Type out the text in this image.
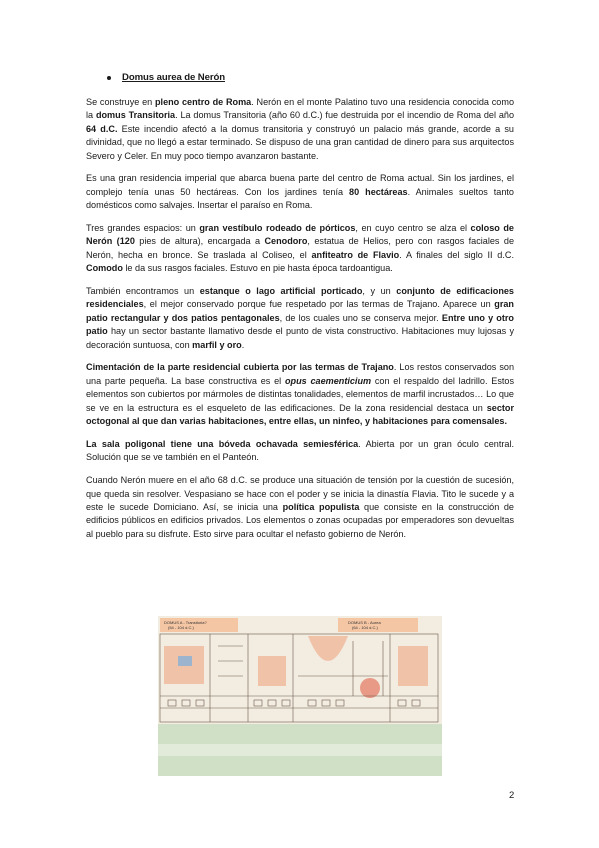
Domus aurea de Nerón

Se construye en pleno centro de Roma. Nerón en el monte Palatino tuvo una residencia conocida como la domus Transitoria. La domus Transitoria (año 60 d.C.) fue destruida por el incendio de Roma del año 64 d.C. Este incendio afectó a la domus transitoria y construyó un palacio más grande, acorde a su divinidad, que no llegó a estar terminado. Se dispuso de una gran cantidad de dinero para sus arquitectos Severo y Celer. En muy poco tiempo avanzaron bastante.

Es una gran residencia imperial que abarca buena parte del centro de Roma actual. Sin los jardines, el complejo tenía unas 50 hectáreas. Con los jardines tenía 80 hectáreas. Animales sueltos tanto domésticos como salvajes. Insertar el paraíso en Roma.

Tres grandes espacios: un gran vestíbulo rodeado de pórticos, en cuyo centro se alza el coloso de Nerón (120 pies de altura), encargada a Cenodoro, estatua de Helios, pero con rasgos faciales de Nerón, hecha en bronce. Se traslada al Coliseo, el anfiteatro de Flavio. A finales del siglo II d.C. Comodo le da sus rasgos faciales. Estuvo en pie hasta época tardoantigua.

También encontramos un estanque o lago artificial porticado, y un conjunto de edificaciones residenciales, el mejor conservado porque fue respetado por las termas de Trajano. Aparece un gran patio rectangular y dos patios pentagonales, de los cuales uno se conserva mejor. Entre uno y otro patio hay un sector bastante llamativo desde el punto de vista constructivo. Habitaciones muy lujosas y decoración suntuosa, con marfil y oro.

Cimentación de la parte residencial cubierta por las termas de Trajano. Los restos conservados son una parte pequeña. La base constructiva es el opus caementicium con el respaldo del ladrillo. Estos elementos son cubiertos por mármoles de distintas tonalidades, elementos de marfil incrustados… Lo que se ve en la estructura es el esqueleto de las edificaciones. De la zona residencial destaca un sector octogonal al que dan varias habitaciones, entre ellas, un ninfeo, y habitaciones para comensales.

La sala poligonal tiene una bóveda ochavada semiesférica. Abierta por un gran óculo central. Solución que se ve también en el Panteón.

Cuando Nerón muere en el año 68 d.C. se produce una situación de tensión por la cuestión de sucesión, que queda sin resolver. Vespasiano se hace con el poder y se inicia la dinastía Flavia. Tito le sucede y a este le sucede Domiciano. Así, se inicia una política populista que consiste en la construcción de edificios públicos en edificios privados. Los elementos o zonas ocupadas por emperadores son devueltas al pueblo para su disfrute. Esto sirve para ocultar el nefasto gobierno de Nerón.

DOMUS A - Transitoria?
(54 - 104 d.C.)
DOMUS B - Aurea
(64 - 104 d.C.)
2
